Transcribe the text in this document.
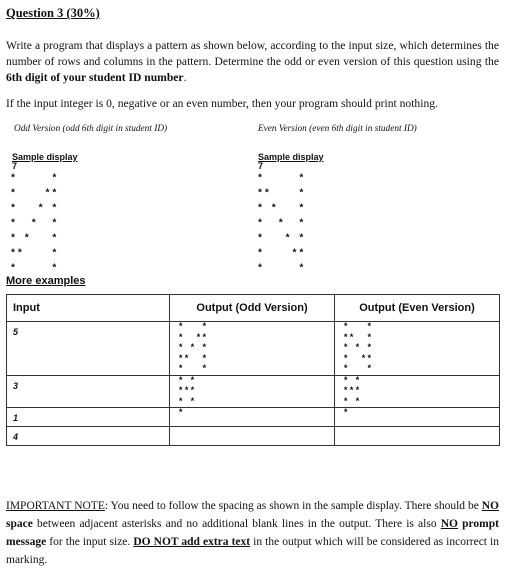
Question 3 (30%)
Write a program that displays a pattern as shown below, according to the input size, which determines the number of rows and columns in the pattern. Determine the odd or even version of this question using the 6th digit of your student ID number.
If the input integer is 0, negative or an even number, then your program should print nothing.
Odd Version (odd 6th digit in student ID)	Even Version (even 6th digit in student ID)
Sample display
7
*     *
*    **
*   * *
*  *  *
* *   *
**    *
*     *
Sample display
7
*     *
**    *
* *   *
*  *  *
*   * *
*    **
*     *
More examples
Input	Output (Odd Version)	Output (Even Version)
5	*   *
*  **
* * *
**  *
*   *	*   *
**  *
* * *
*  **
*   *

3	* *
***
* *	* *
***
* *

1	*	*

4	

IMPORTANT NOTE: You need to follow the spacing as shown in the sample display. There should be NO space between adjacent asterisks and no additional blank lines in the output. There is also NO prompt message for the input size. DO NOT add extra text in the output which will be considered as incorrect in marking.
